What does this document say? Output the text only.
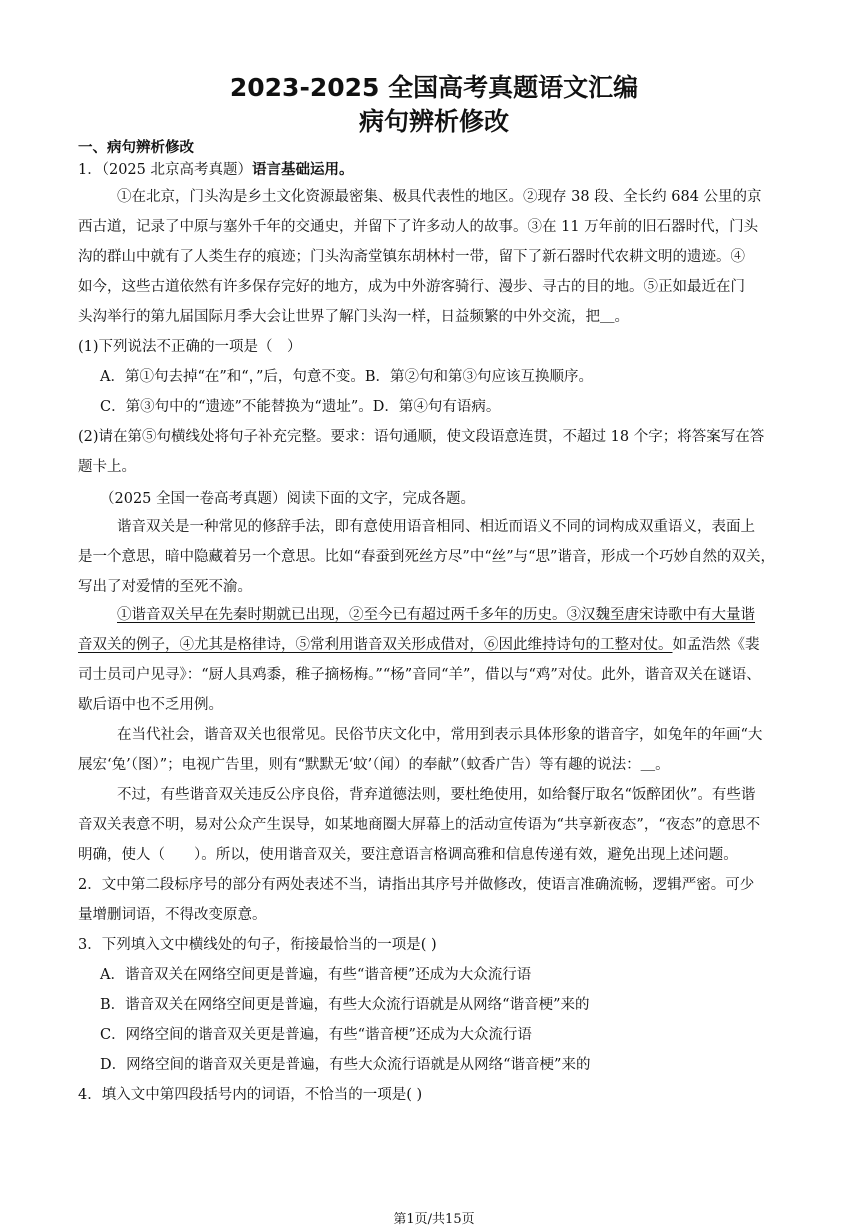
2023-2025 全国高考真题语文汇编
病句辨析修改
一、病句辨析修改
1．（2025 北京高考真题）语言基础运用。
①在北京，门头沟是乡土文化资源最密集、极具代表性的地区。②现存 38 段、全长约 684 公里的京
西古道，记录了中原与塞外千年的交通史，并留下了许多动人的故事。③在 11 万年前的旧石器时代，门头
沟的群山中就有了人类生存的痕迹；门头沟斋堂镇东胡林村一带，留下了新石器时代农耕文明的遗迹。④
如今，这些古道依然有许多保存完好的地方，成为中外游客骑行、漫步、寻古的目的地。⑤正如最近在门
头沟举行的第九届国际月季大会让世界了解门头沟一样，日益频繁的中外交流，把＿。
(1)下列说法不正确的一项是（　）
A．第①句去掉“在”和“，”后，句意不变。B．第②句和第③句应该互换顺序。
C．第③句中的“遗迹”不能替换为“遗址”。D．第④句有语病。
(2)请在第⑤句横线处将句子补充完整。要求：语句通顺，使文段语意连贯，不超过 18 个字；将答案写在答
题卡上。
（2025 全国一卷高考真题）阅读下面的文字，完成各题。
谐音双关是一种常见的修辞手法，即有意使用语音相同、相近而语义不同的词构成双重语义，表面上
是一个意思，暗中隐藏着另一个意思。比如“春蚕到死丝方尽”中“丝”与“思”谐音，形成一个巧妙自然的双关，
写出了对爱情的至死不渝。
①谐音双关早在先秦时期就已出现，②至今已有超过两千多年的历史。③汉魏至唐宋诗歌中有大量谐
音双关的例子，④尤其是格律诗，⑤常利用谐音双关形成借对，⑥因此维持诗句的工整对仗。如孟浩然《裴
司士员司户见寻》：“厨人具鸡黍，稚子摘杨梅。”“杨”音同“羊”，借以与“鸡”对仗。此外，谐音双关在谜语、
歇后语中也不乏用例。
在当代社会，谐音双关也很常见。民俗节庆文化中，常用到表示具体形象的谐音字，如兔年的年画“大
展宏‘兔’（图）”；电视广告里，则有“默默无‘蚊’（闻）的奉献”（蚊香广告）等有趣的说法：＿。
不过，有些谐音双关违反公序良俗，背弃道德法则，要杜绝使用，如给餐厅取名“饭醉团伙”。有些谐
音双关表意不明，易对公众产生误导，如某地商圈大屏幕上的活动宣传语为“共享新夜态”，“夜态”的意思不
明确，使人（　　）。所以，使用谐音双关，要注意语言格调高雅和信息传递有效，避免出现上述问题。
2．文中第二段标序号的部分有两处表述不当，请指出其序号并做修改，使语言准确流畅，逻辑严密。可少
量增删词语，不得改变原意。
3．下列填入文中横线处的句子，衔接最恰当的一项是( )
A．谐音双关在网络空间更是普遍，有些“谐音梗”还成为大众流行语
B．谐音双关在网络空间更是普遍，有些大众流行语就是从网络“谐音梗”来的
C．网络空间的谐音双关更是普遍，有些“谐音梗”还成为大众流行语
D．网络空间的谐音双关更是普遍，有些大众流行语就是从网络“谐音梗”来的
4．填入文中第四段括号内的词语，不恰当的一项是( )
第1页/共15页
